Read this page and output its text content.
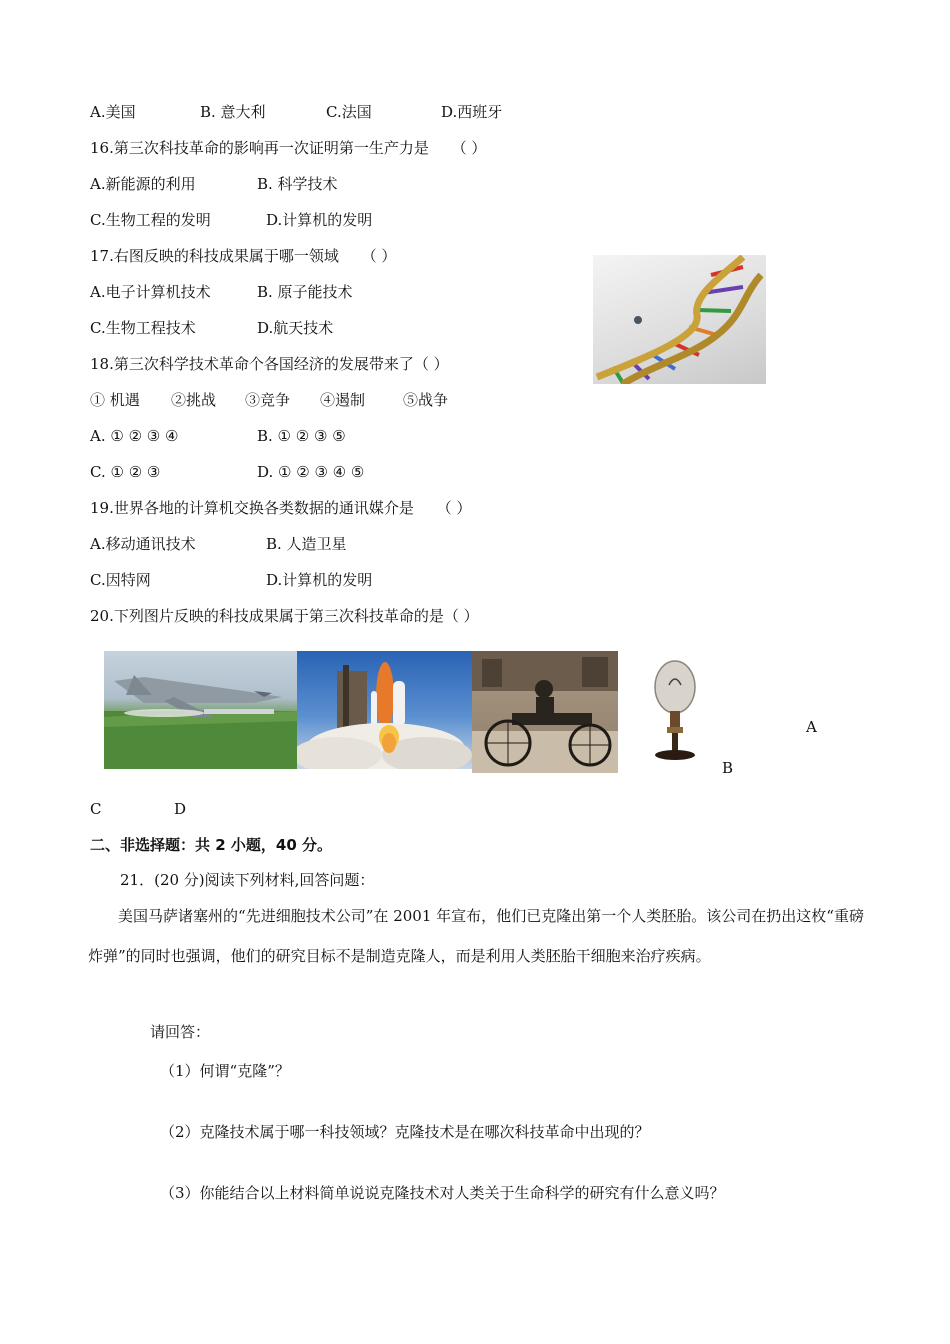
A.美国	B. 意大利	C.法国	D.西班牙
16.第三次科技革命的影响再一次证明第一生产力是 （ ）
A.新能源的利用	B. 科学技术
C.生物工程的发明	D.计算机的发明
17.右图反映的科技成果属于哪一领域 （ ）
A.电子计算机技术	B. 原子能技术
C.生物工程技术	D.航天技术
18.第三次科学技术革命个各国经济的发展带来了（ ）
① 机遇 ②挑战 ③竞争 ④遏制	⑤战争
A. ① ② ③ ④	B. ① ② ③ ⑤
C. ① ② ③	D. ① ② ③ ④ ⑤
19.世界各地的计算机交换各类数据的通讯媒介是 （ ）
A.移动通讯技术	B. 人造卫星
C.因特网	D.计算机的发明
20.下列图片反映的科技成果属于第三次科技革命的是（ ）
A
B
C	D
二、非选择题：共 2 小题，40 分。
21．(20 分)阅读下列材料,回答问题：
美国马萨诸塞州的“先进细胞技术公司”在 2001 年宣布，他们已克隆出第一个人类胚胎。该公司在扔出这枚“重磅炸弹”的同时也强调，他们的研究目标不是制造克隆人，而是利用人类胚胎干细胞来治疗疾病。
请回答：
（1）何谓“克隆”？
（2）克隆技术属于哪一科技领域？克隆技术是在哪次科技革命中出现的？
（3）你能结合以上材料简单说说克隆技术对人类关于生命科学的研究有什么意义吗？
